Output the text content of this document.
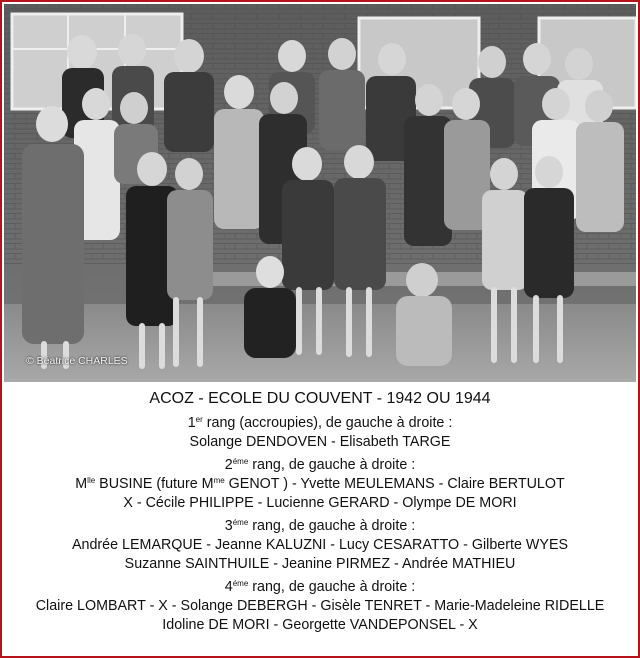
© Béatrice CHARLES
ACOZ - ECOLE DU COUVENT - 1942 OU 1944
1er rang (accroupies), de gauche à droite :
Solange DENDOVEN - Elisabeth TARGE
$2^{éme}$ rang, de gauche à droite :
$M^{lle}$ BUSINE (future $M^{me}$ GENOT ) - Yvette MEULEMANS - Claire BERTULOT
X - Cécile PHILIPPE - Lucienne GERARD - Olympe DE MORI
$3^{éme}$ rang, de gauche à droite :
Andrée LEMARQUE - Jeanne KALUZNI - Lucy CESARATTO - Gilberte WYES
Suzanne SAINTHUILE - Jeanine PIRMEZ - Andrée MATHIEU
$4^{éme}$ rang, de gauche à droite :
Claire LOMBART - X - Solange DEBERGH - Gisèle TENRET - Marie-Madeleine RIDELLE
Idoline DE MORI - Georgette VANDEPONSEL - X
